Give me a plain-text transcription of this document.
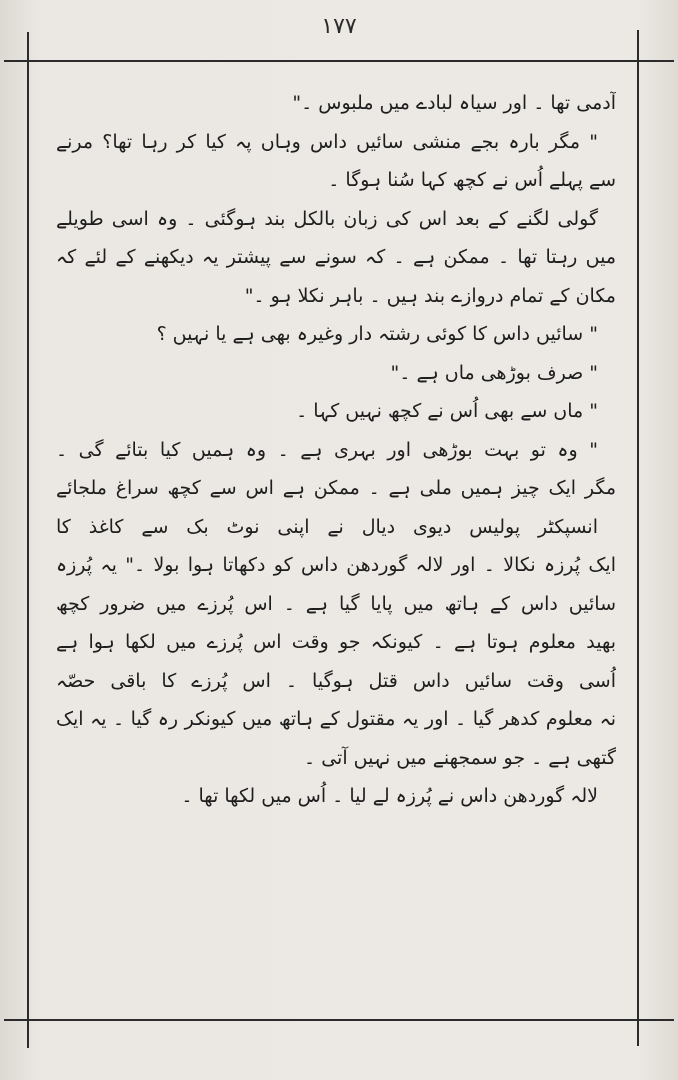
۱۷۷
آدمی تھا ۔ اور سیاہ لبادے میں ملبوس ۔"
" مگر بارہ بجے منشی سائیں داس وہاں پہ کیا کر رہا تھا؟ مرنے
سے پہلے اُس نے کچھ کہا سُنا ہوگا ۔
گولی لگنے کے بعد اس کی زبان بالکل بند ہوگئی ۔ وہ اسی طویلے
میں رہتا تھا ۔ ممکن ہے ۔ کہ سونے سے پیشتر یہ دیکھنے کے لئے کہ
مکان کے تمام دروازے بند ہیں ۔ باہر نکلا ہو ۔"
" سائیں داس کا کوئی رشتہ دار وغیرہ بھی ہے یا نہیں ؟
" صرف بوڑھی ماں ہے ۔"
" ماں سے بھی اُس نے کچھ نہیں کہا ۔
" وہ تو بہت بوڑھی اور بہری ہے ۔ وہ ہمیں کیا بتائے گی ۔
مگر ایک چیز ہمیں ملی ہے ۔ ممکن ہے اس سے کچھ سراغ ملجائے
انسپکٹر پولیس دیوی دیال نے اپنی نوٹ بک سے کاغذ کا
ایک پُرزہ نکالا ۔ اور لالہ گوردھن داس کو دکھاتا ہوا بولا ۔" یہ پُرزہ
سائیں داس کے ہاتھ میں پایا گیا ہے ۔ اس پُرزے میں ضرور کچھ
بھید معلوم ہوتا ہے ۔ کیونکہ جو وقت اس پُرزے میں لکھا ہوا ہے
اُسی وقت سائیں داس قتل ہوگیا ۔ اس پُرزے کا باقی حصّہ
نہ معلوم کدھر گیا ۔ اور یہ مقتول کے ہاتھ میں کیونکر رہ گیا ۔ یہ ایک
گتھی ہے ۔ جو سمجھنے میں نہیں آتی ۔
لالہ گوردھن داس نے پُرزہ لے لیا ۔ اُس میں لکھا تھا ۔
